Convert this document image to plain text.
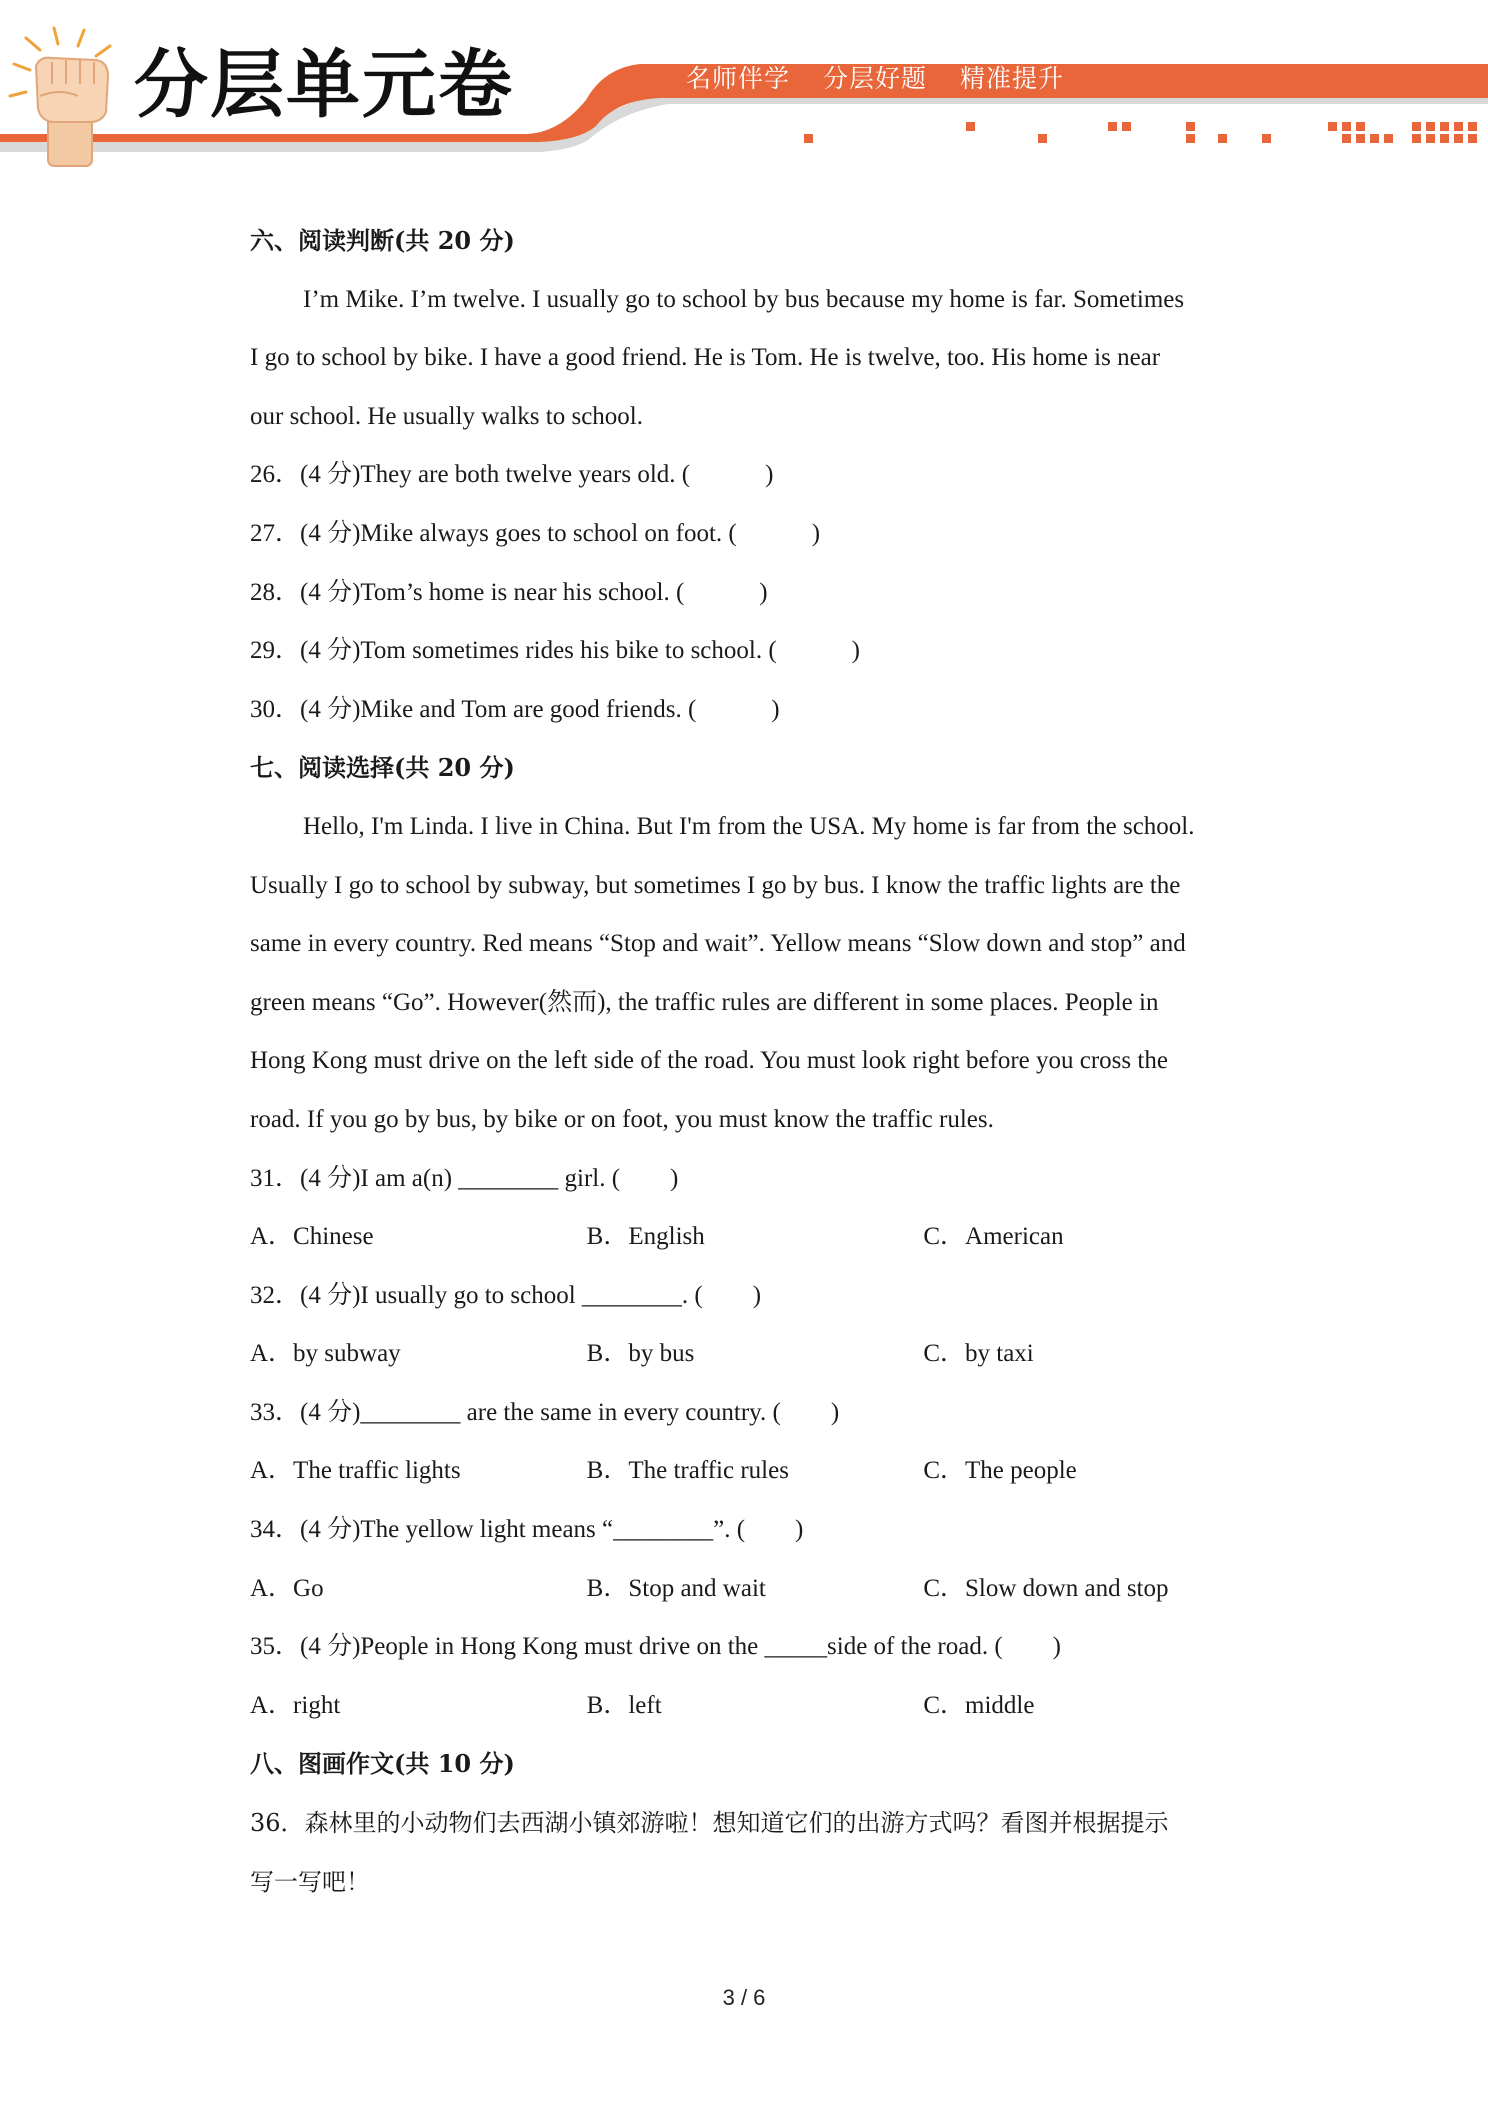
分层单元卷	名师伴学 分层好题 精准提升
六、阅读判断(共 20 分)
I’m Mike. I’m twelve. I usually go to school by bus because my home is far. Sometimes
I go to school by bike. I have a good friend. He is Tom. He is twelve, too. His home is near
our school. He usually walks to school.
26．(4 分)They are both twelve years old. (　　　)
27．(4 分)Mike always goes to school on foot. (　　　)
28．(4 分)Tom’s home is near his school. (　　　)
29．(4 分)Tom sometimes rides his bike to school. (　　　)
30．(4 分)Mike and Tom are good friends. (　　　)
七、阅读选择(共 20 分)
Hello, I'm Linda. I live in China. But I'm from the USA. My home is far from the school.
Usually I go to school by subway, but sometimes I go by bus. I know the traffic lights are the
same in every country. Red means “Stop and wait”. Yellow means “Slow down and stop” and
green means “Go”. However(然而), the traffic rules are different in some places. People in
Hong Kong must drive on the left side of the road. You must look right before you cross the
road. If you go by bus, by bike or on foot, you must know the traffic rules.
31．(4 分)I am a(n) ________ girl. (　　)
A．Chinese	B．English	C．American
32．(4 分)I usually go to school ________. (　　)
A．by subway	B．by bus	C．by taxi
33．(4 分)________ are the same in every country. (　　)
A．The traffic lights	B．The traffic rules	C．The people
34．(4 分)The yellow light means “________”. (　　)
A．Go	B．Stop and wait	C．Slow down and stop
35．(4 分)People in Hong Kong must drive on the _____side of the road. (　　)
A．right	B．left	C．middle
八、图画作文(共 10 分)
36．森林里的小动物们去西湖小镇郊游啦！想知道它们的出游方式吗？看图并根据提示
写一写吧！
3 / 6
